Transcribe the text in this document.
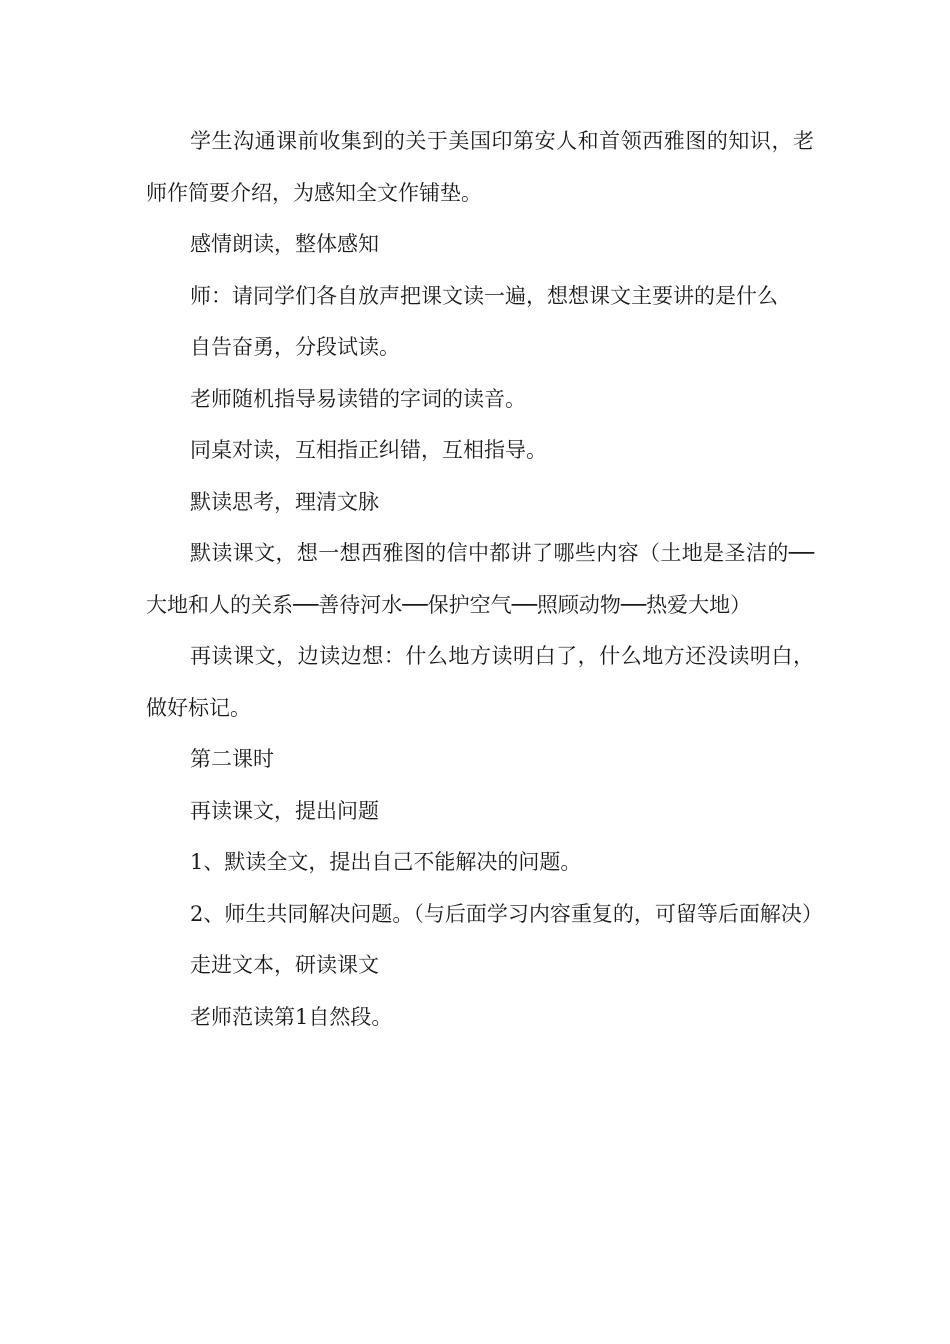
学生沟通课前收集到的关于美国印第安人和首领西雅图的知识，老师作简要介绍，为感知全文作铺垫。

感情朗读，整体感知

师：请同学们各自放声把课文读一遍，想想课文主要讲的是什么

自告奋勇，分段试读。

老师随机指导易读错的字词的读音。

同桌对读，互相指正纠错，互相指导。

默读思考，理清文脉

默读课文，想一想西雅图的信中都讲了哪些内容（土地是圣洁的──大地和人的关系──善待河水──保护空气──照顾动物──热爱大地）

再读课文，边读边想：什么地方读明白了，什么地方还没读明白，做好标记。

第二课时

再读课文，提出问题

1、默读全文，提出自己不能解决的问题。

2、师生共同解决问题。（与后面学习内容重复的，可留等后面解决）

走进文本，研读课文

老师范读第1自然段。
